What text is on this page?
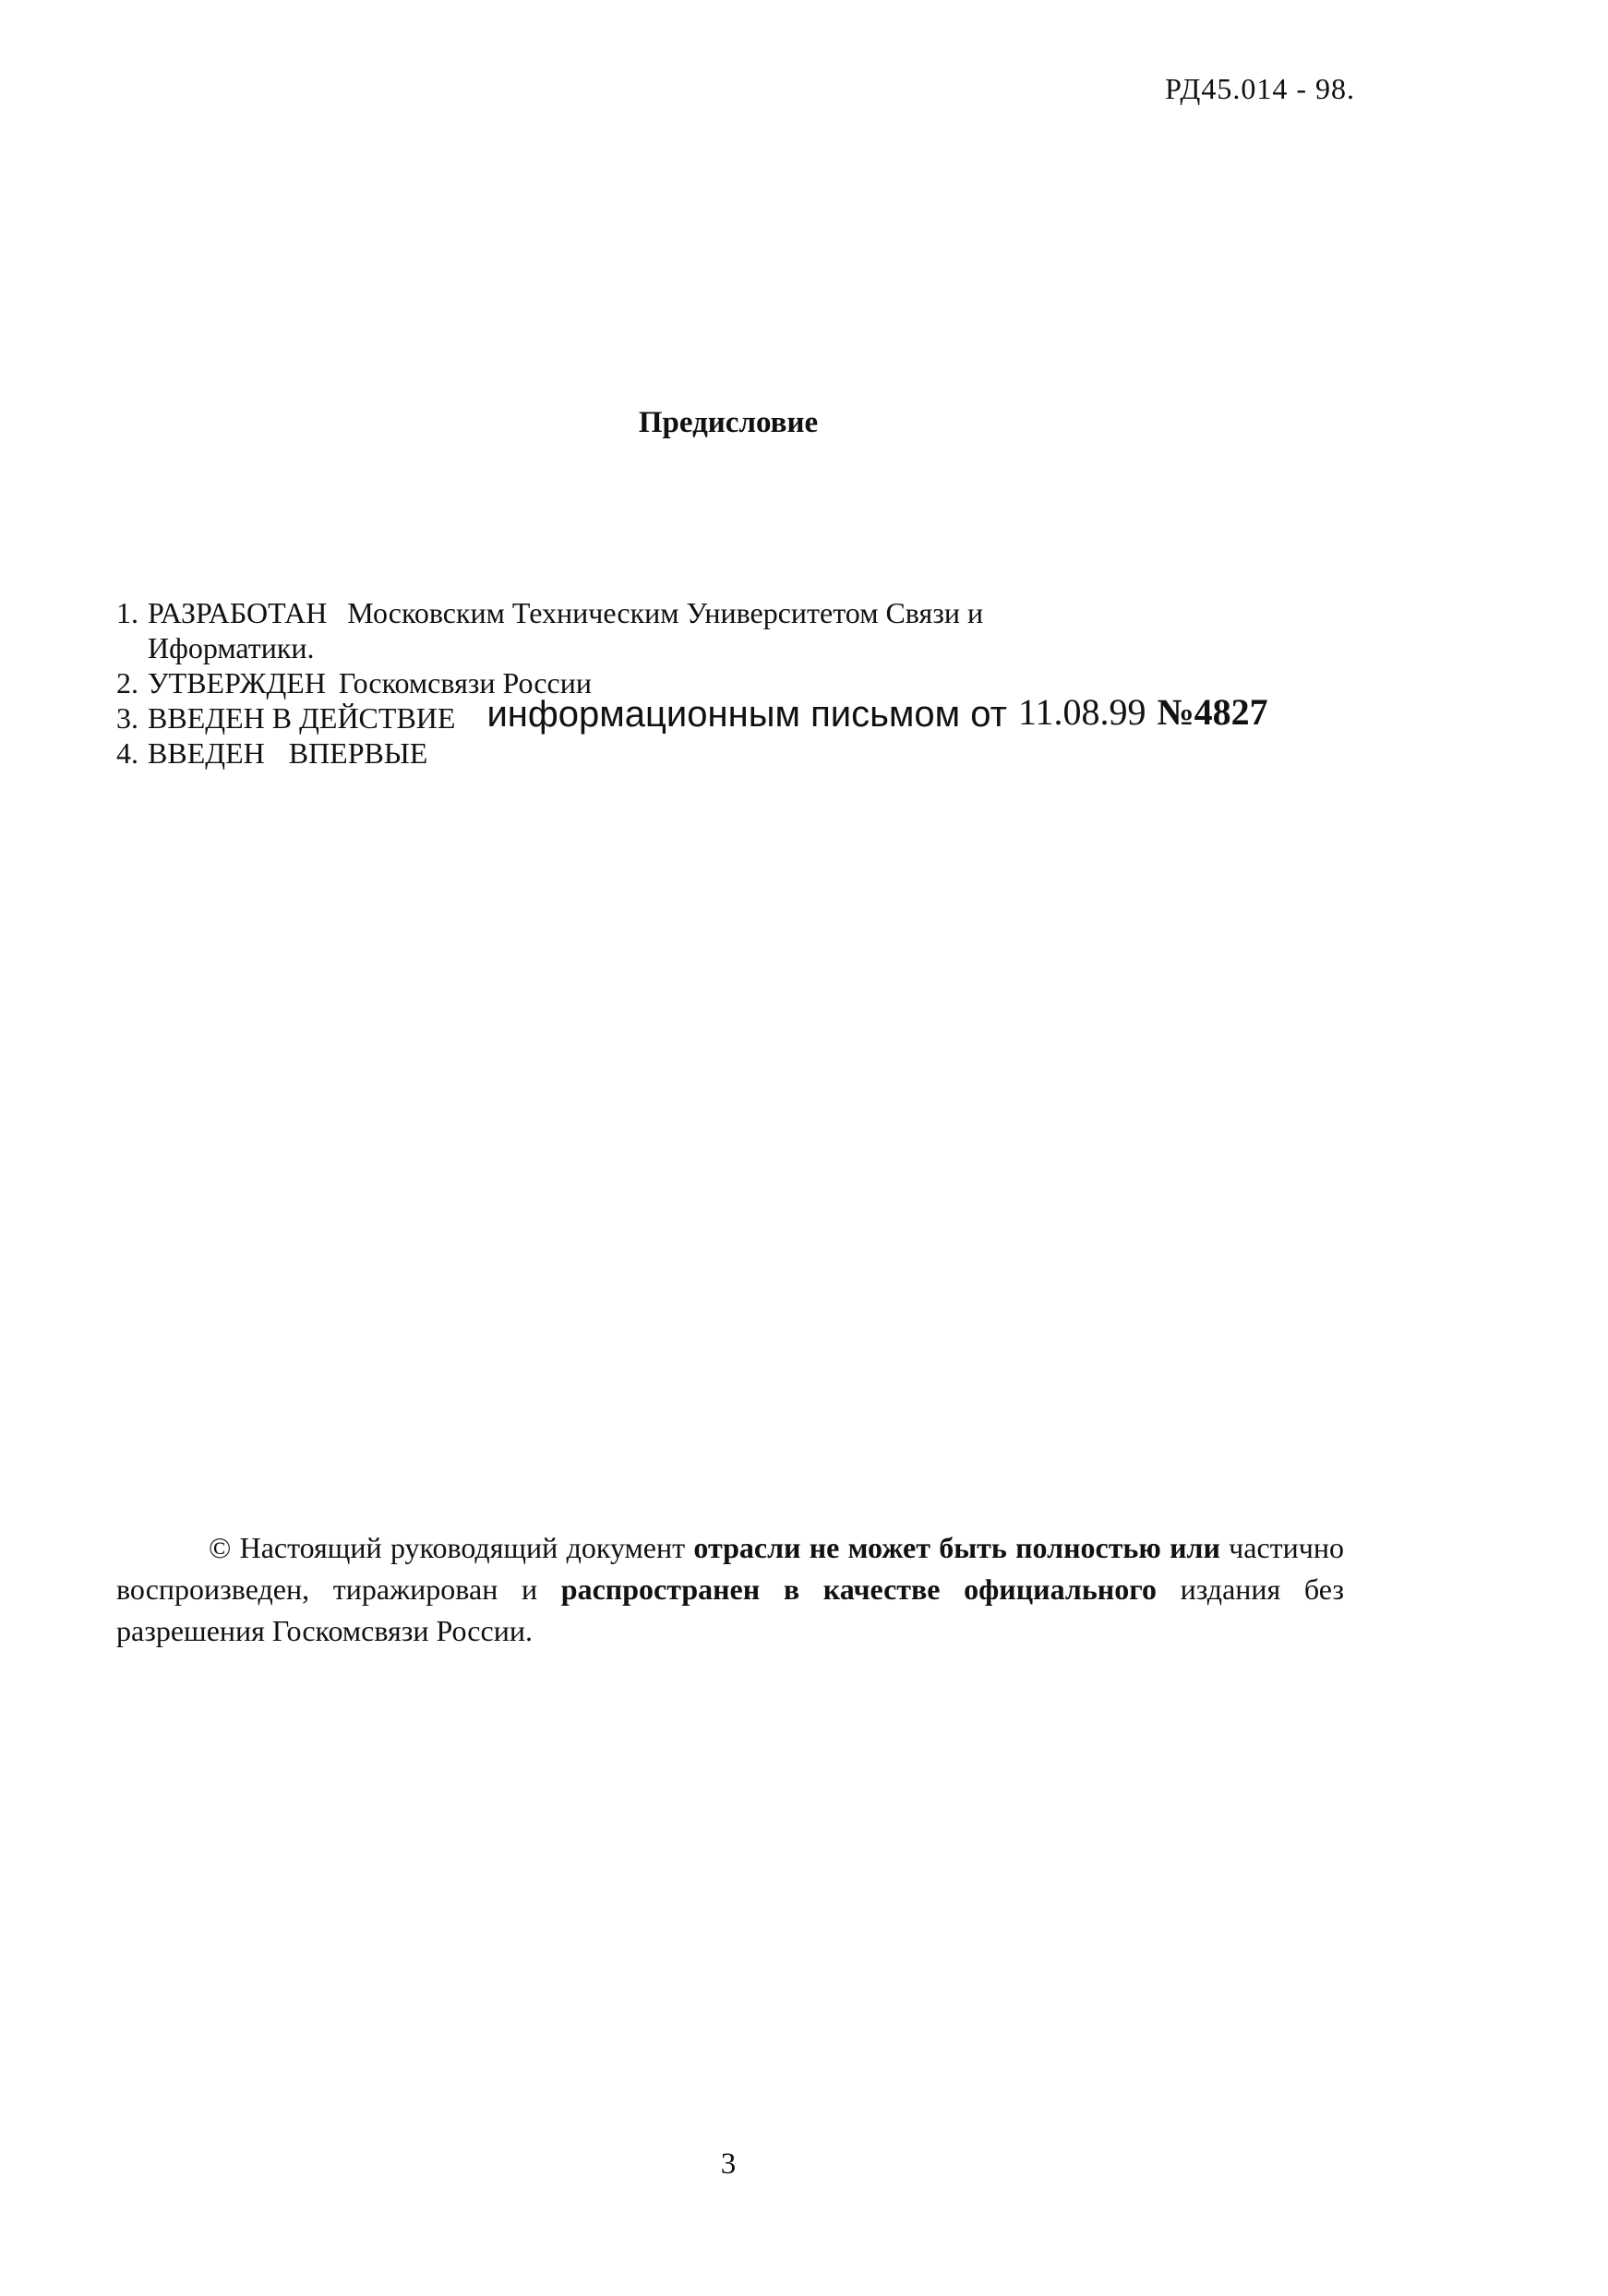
РД45.014 - 98.
Предисловие
1. РАЗРАБОТАН Московским Техническим Университетом Связи и
Иформатики.
2. УТВЕРЖДЕН Госкомсвязи России
3. ВВЕДЕН В ДЕЙСТВИЕ информационным письмом от 11.08.99 №4827
4. ВВЕДЕН ВПЕРВЫЕ
© Настоящий руководящий документ отрасли не может быть полностью или частично воспроизведен, тиражирован и распространен в качестве официального издания без разрешения Госкомсвязи России.
3
